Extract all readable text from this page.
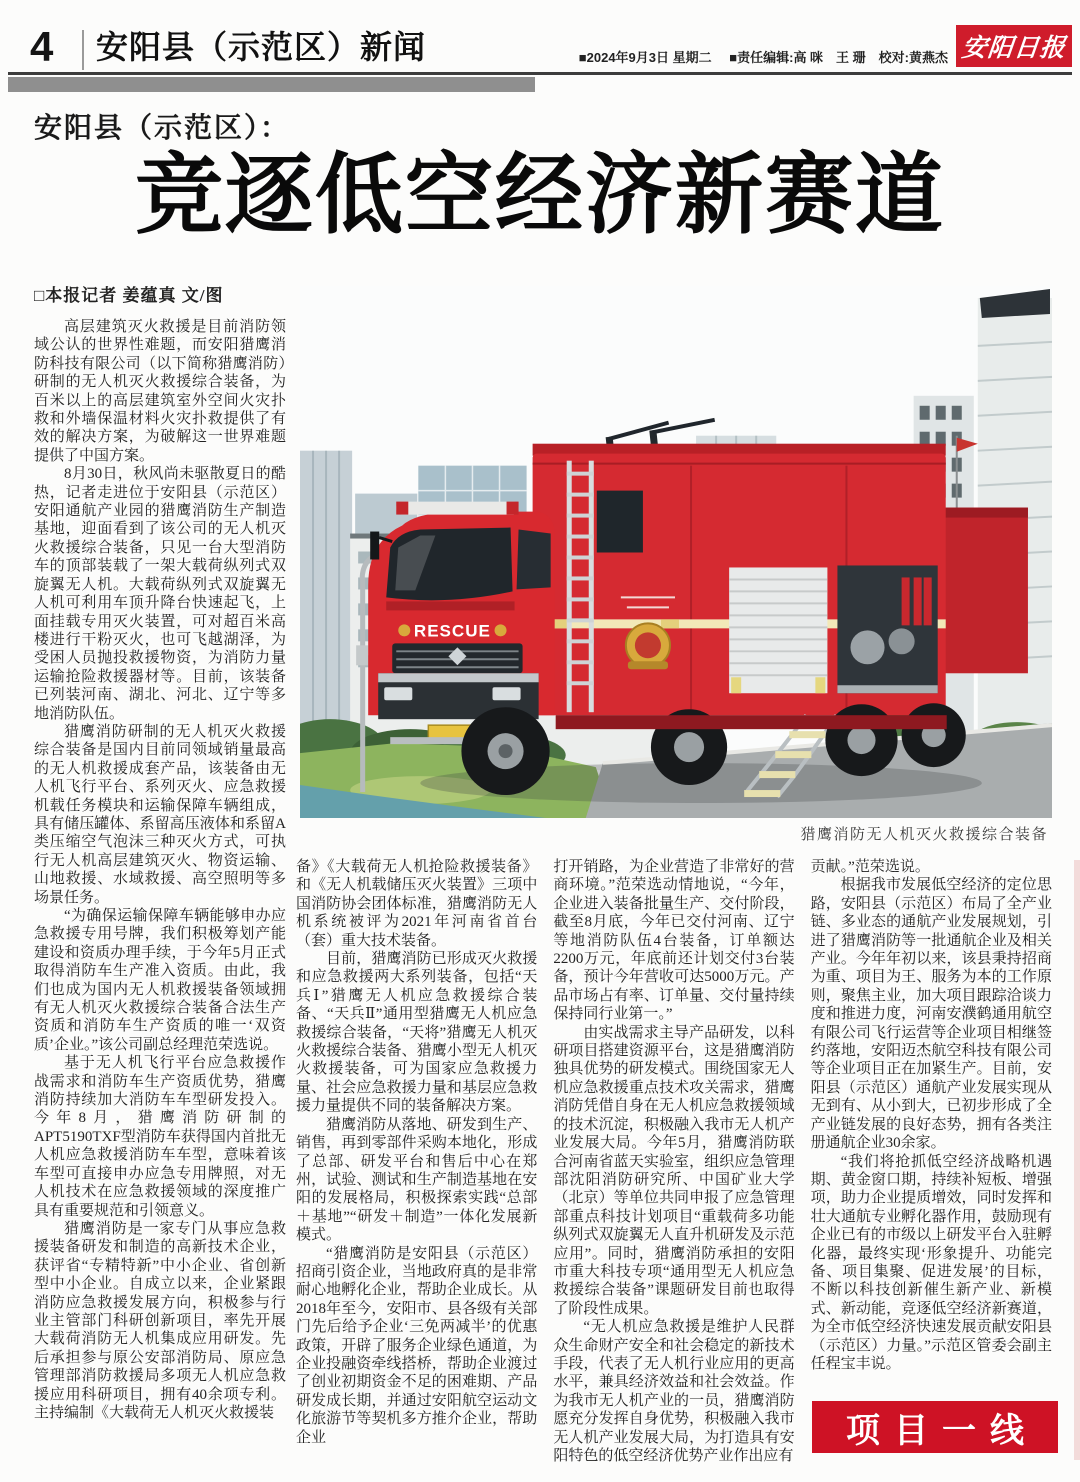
4 安阳县（示范区）新闻	■2024年9月3日 星期二 ■责任编辑:高 咪　王 珊　校对:黄燕杰 安阳日报
安阳县（示范区）：
竞逐低空经济新赛道
□本报记者 姜蕴真 文/图

高层建筑灭火救援是目前消防领域公认的世界性难题，而安阳猎鹰消防科技有限公司（以下简称猎鹰消防）研制的无人机灭火救援综合装备，为百米以上的高层建筑室外空间火灾扑救和外墙保温材料火灾扑救提供了有效的解决方案，为破解这一世界难题提供了中国方案。

8月30日，秋风尚未驱散夏日的酷热，记者走进位于安阳县（示范区）安阳通航产业园的猎鹰消防生产制造基地，迎面看到了该公司的无人机灭火救援综合装备，只见一台大型消防车的顶部装载了一架大载荷纵列式双旋翼无人机。大载荷纵列式双旋翼无人机可利用车顶升降台快速起飞，上面挂载专用灭火装置，可对超百米高楼进行干粉灭火，也可飞越湖泽，为受困人员抛投救援物资，为消防力量运输抢险救援器材等。目前，该装备已列装河南、湖北、河北、辽宁等多地消防队伍。

猎鹰消防研制的无人机灭火救援综合装备是国内目前同领域销量最高的无人机救援成套产品，该装备由无人机飞行平台、系列灭火、应急救援机载任务模块和运输保障车辆组成，具有储压罐体、系留高压液体和系留A类压缩空气泡沫三种灭火方式，可执行无人机高层建筑灭火、物资运输、山地救援、水域救援、高空照明等多场景任务。

“为确保运输保障车辆能够申办应急救援专用号牌，我们积极筹划产能建设和资质办理手续，于今年5月正式取得消防车生产准入资质。由此，我们也成为国内无人机救援装备领域拥有无人机灭火救援综合装备合法生产资质和消防车生产资质的唯一‘双资质’企业。”该公司副总经理范荣选说。

基于无人机飞行平台应急救援作战需求和消防车生产资质优势，猎鹰消防持续加大消防车车型研发投入。今年8月，猎鹰消防研制的APT5190TXF型消防车获得国内首批无人机应急救援消防车车型，意味着该车型可直接申办应急专用牌照，对无人机技术在应急救援领域的深度推广具有重要规范和引领意义。

猎鹰消防是一家专门从事应急救援装备研发和制造的高新技术企业，获评省“专精特新”中小企业、省创新型中小企业。自成立以来，企业紧跟消防应急救援发展方向，积极参与行业主管部门科研创新项目，率先开展大载荷消防无人机集成应用研发。先后承担参与原公安部消防局、原应急管理部消防救援局多项无人机应急救援应用科研项目，拥有40余项专利。主持编制《大载荷无人机灭火救援装

RESCUE
猎鹰消防无人机灭火救援综合装备

备》《大载荷无人机抢险救援装备》和《无人机载储压灭火装置》三项中国消防协会团体标准，猎鹰消防无人机系统被评为2021年河南省首台（套）重大技术装备。

目前，猎鹰消防已形成灭火救援和应急救援两大系列装备，包括“天兵Ⅰ”猎鹰无人机应急救援综合装备、“天兵Ⅱ”通用型猎鹰无人机应急救援综合装备，“天将”猎鹰无人机灭火救援综合装备、猎鹰小型无人机灭火救援装备，可为国家应急救援力量、社会应急救援力量和基层应急救援力量提供不同的装备解决方案。

猎鹰消防从落地、研发到生产、销售，再到零部件采购本地化，形成了总部、研发平台和售后中心在郑州，试验、测试和生产制造基地在安阳的发展格局，积极探索实践“总部＋基地”“研发＋制造”一体化发展新模式。

“猎鹰消防是安阳县（示范区）招商引资企业，当地政府真的是非常耐心地孵化企业，帮助企业成长。从2018年至今，安阳市、县各级有关部门先后给予企业‘三免两减半’的优惠政策，开辟了服务企业绿色通道，为企业投融资牵线搭桥，帮助企业渡过了创业初期资金不足的困难期、产品研发成长期，并通过安阳航空运动文化旅游节等契机多方推介企业，帮助企业

打开销路，为企业营造了非常好的营商环境。”范荣选动情地说，“今年，企业进入装备批量生产、交付阶段，截至8月底，今年已交付河南、辽宁等地消防队伍4台装备，订单额达2200万元，年底前还计划交付3台装备，预计今年营收可达5000万元。产品市场占有率、订单量、交付量持续保持同行业第一。”

由实战需求主导产品研发，以科研项目搭建资源平台，这是猎鹰消防独具优势的研发模式。围绕国家无人机应急救援重点技术攻关需求，猎鹰消防凭借自身在无人机应急救援领域的技术沉淀，积极融入我市无人机产业发展大局。今年5月，猎鹰消防联合河南省蓝天实验室，组织应急管理部沈阳消防研究所、中国矿业大学（北京）等单位共同申报了应急管理部重点科技计划项目“重载荷多功能纵列式双旋翼无人直升机研发及示范应用”。同时，猎鹰消防承担的安阳市重大科技专项“通用型无人机应急救援综合装备”课题研发目前也取得了阶段性成果。

“无人机应急救援是维护人民群众生命财产安全和社会稳定的新技术手段，代表了无人机行业应用的更高水平，兼具经济效益和社会效益。作为我市无人机产业的一员，猎鹰消防愿充分发挥自身优势，积极融入我市无人机产业发展大局，为打造具有安阳特色的低空经济优势产业作出应有

贡献。”范荣选说。

根据我市发展低空经济的定位思路，安阳县（示范区）布局了全产业链、多业态的通航产业发展规划，引进了猎鹰消防等一批通航企业及相关产业。今年年初以来，该县秉持招商为重、项目为王、服务为本的工作原则，聚焦主业，加大项目跟踪洽谈力度和推进力度，河南安濮鹤通用航空有限公司飞行运营等企业项目相继签约落地，安阳迈杰航空科技有限公司等企业项目正在加紧生产。目前，安阳县（示范区）通航产业发展实现从无到有、从小到大，已初步形成了全产业链发展的良好态势，拥有各类注册通航企业30余家。

“我们将抢抓低空经济战略机遇期、黄金窗口期，持续补短板、增强项，助力企业提质增效，同时发挥和壮大通航专业孵化器作用，鼓励现有企业已有的市级以上研发平台入驻孵化器，最终实现‘形象提升、功能完备、项目集聚、促进发展’的目标，不断以科技创新催生新产业、新模式、新动能，竞逐低空经济新赛道，为全市低空经济快速发展贡献安阳县（示范区）力量。”示范区管委会副主任程宝丰说。

项目一线
